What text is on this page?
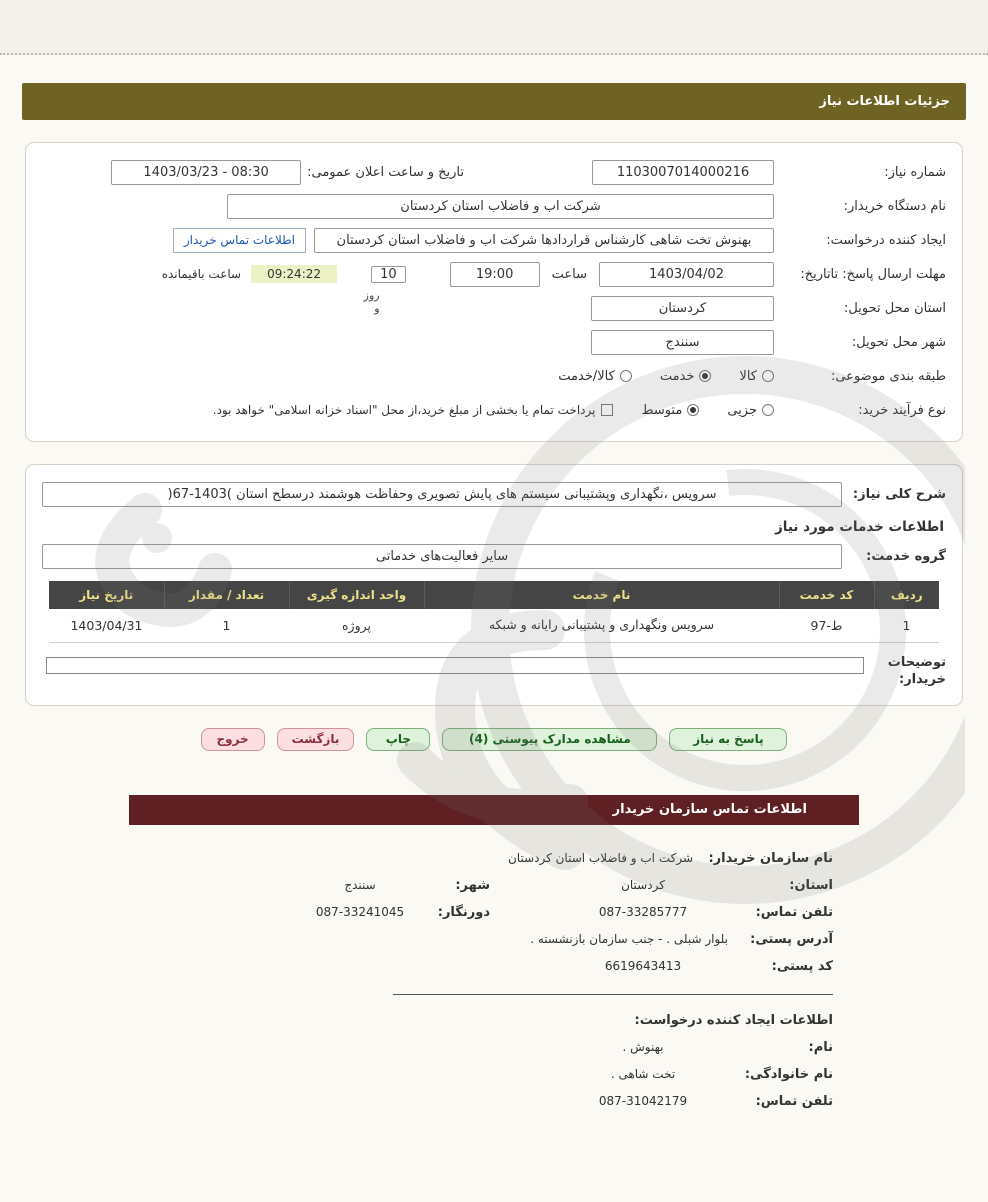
جزئیات اطلاعات نیاز
شماره نیاز:
1103007014000216
تاریخ و ساعت اعلان عمومی:
1403/03/23 - 08:30
نام دستگاه خریدار:
شرکت اب و فاضلاب استان کردستان
ایجاد کننده درخواست:
بهنوش تخت شاهی کارشناس قراردادها شرکت اب و فاضلاب استان کردستان
اطلاعات تماس خریدار
مهلت ارسال پاسخ: تاتاریخ:
1403/04/02
ساعت
19:00
10
روز و
09:24:22
ساعت باقیمانده
استان محل تحویل:
کردستان
شهر محل تحویل:
سنندج
طبقه بندی موضوعی:
کالا
خدمت
کالا/خدمت
نوع فرآیند خرید:
جزیی
متوسط
پرداخت تمام یا بخشی از مبلغ خرید،از محل "اسناد خزانه اسلامی" خواهد بود.
شرح کلی نیاز:
سرویس ،نگهداری وپشتیبانی سیستم های پایش تصویری وحفاظت هوشمند درسطح استان )67-1403(
اطلاعات خدمات مورد نیاز
گروه خدمت:
سایر فعالیت‌های خدماتی
ردیف	کد خدمت	نام خدمت	واحد اندازه گیری	تعداد / مقدار	تاریخ نیاز
1	ط-97	سرویس ونگهداری و پشتیبانی رایانه و شبکه	پروژه	1	1403/04/31
توضیحات خریدار:
پاسخ به نیاز
مشاهده مدارک پیوستی (4)
چاپ
بازگشت
خروج
اطلاعات تماس سازمان خریدار
نام سازمان خریدار:
شرکت اب و فاضلاب استان کردستان
استان:
کردستان
شهر:
سنندج
تلفن تماس:
087-33285777
دورنگار:
087-33241045
آدرس پستی:
بلوار شبلی . - جنب سازمان بازنشسته .
کد پستی:
6619643413
اطلاعات ایجاد کننده درخواست:
نام:
بهنوش .
نام خانوادگی:
تخت شاهی .
تلفن تماس:
087-31042179
